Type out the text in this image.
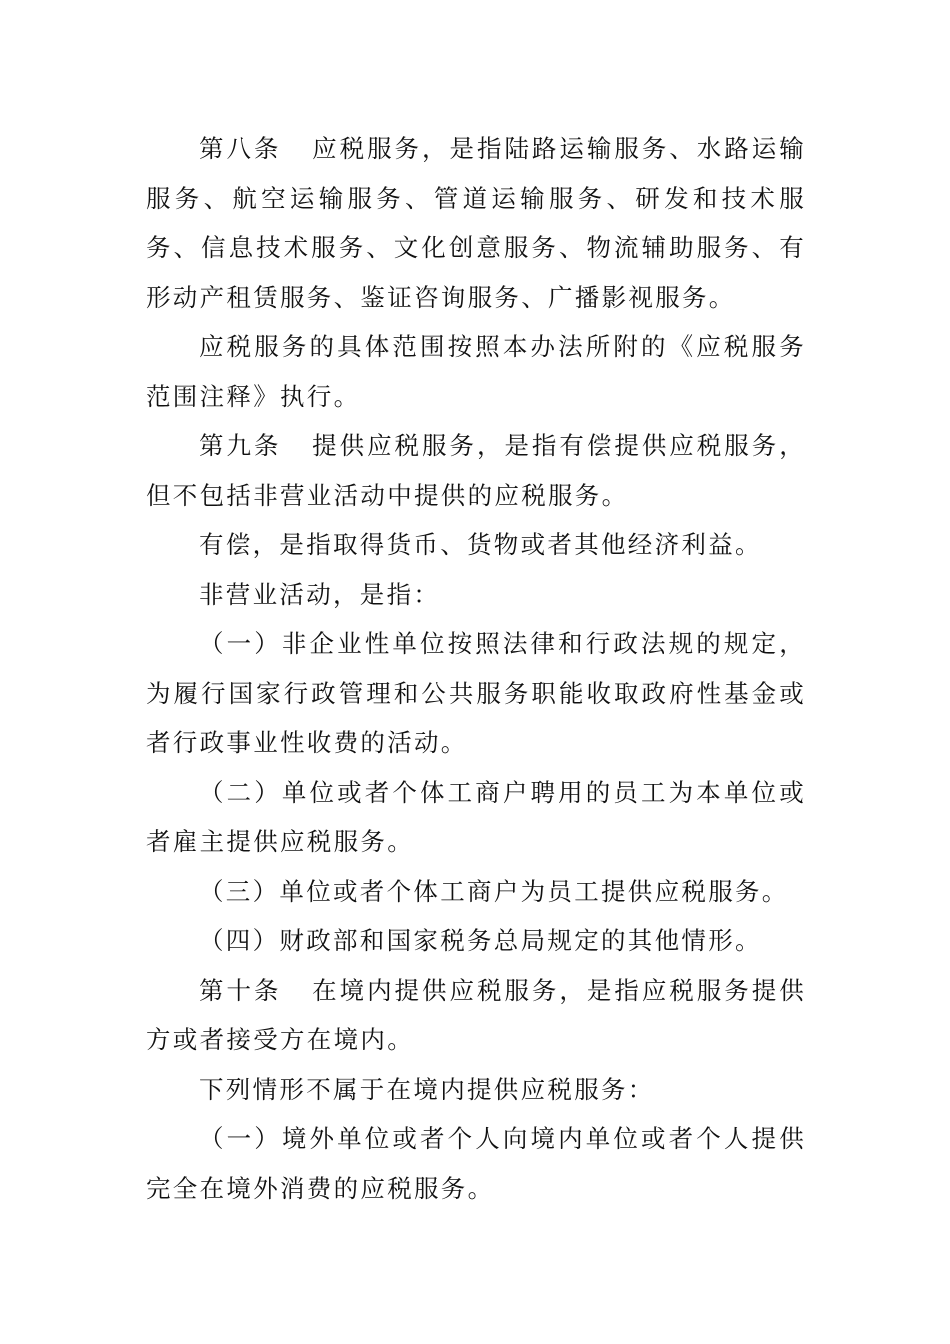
第八条 应税服务，是指陆路运输服务、水路运输服务、航空运输服务、管道运输服务、研发和技术服务、信息技术服务、文化创意服务、物流辅助服务、有形动产租赁服务、鉴证咨询服务、广播影视服务。

应税服务的具体范围按照本办法所附的《应税服务范围注释》执行。

第九条 提供应税服务，是指有偿提供应税服务，但不包括非营业活动中提供的应税服务。

有偿，是指取得货币、货物或者其他经济利益。

非营业活动，是指：

（一）非企业性单位按照法律和行政法规的规定，为履行国家行政管理和公共服务职能收取政府性基金或者行政事业性收费的活动。

（二）单位或者个体工商户聘用的员工为本单位或者雇主提供应税服务。

（三）单位或者个体工商户为员工提供应税服务。

（四）财政部和国家税务总局规定的其他情形。

第十条 在境内提供应税服务，是指应税服务提供方或者接受方在境内。

下列情形不属于在境内提供应税服务：

（一）境外单位或者个人向境内单位或者个人提供完全在境外消费的应税服务。
